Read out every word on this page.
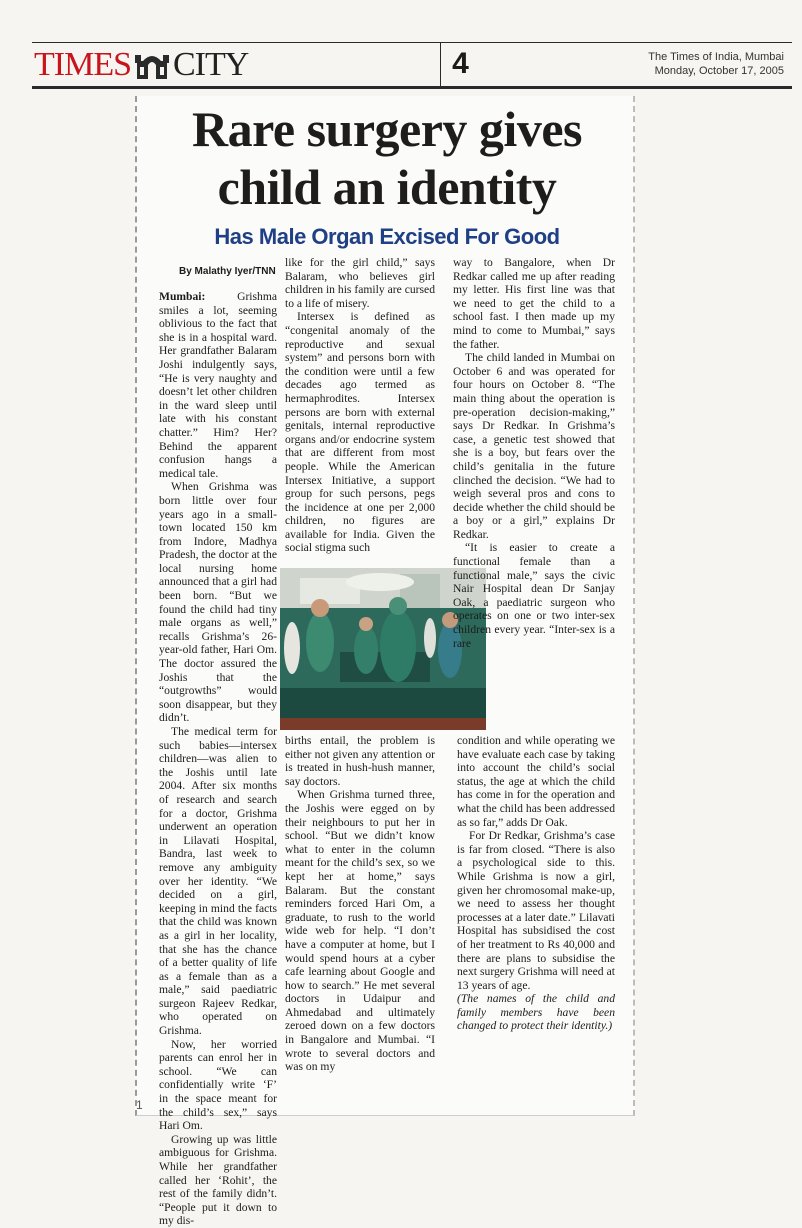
TIMES CITY	4	The Times of India, Mumbai
Monday, October 17, 2005
Rare surgery gives
child an identity
Has Male Organ Excised For Good
By Malathy Iyer/TNN

Mumbai: Grishma smiles a lot, seeming oblivious to the fact that she is in a hospital ward. Her grandfather Balaram Joshi indulgently says, “He is very naughty and doesn’t let other children in the ward sleep until late with his constant chatter.” Him? Her? Behind the apparent confusion hangs a medical tale.

When Grishma was born little over four years ago in a small-town located 150 km from Indore, Madhya Pradesh, the doctor at the local nursing home announced that a girl had been born. “But we found the child had tiny male organs as well,” recalls Grishma’s 26-year-old father, Hari Om. The doctor assured the Joshis that the “outgrowths” would soon disappear, but they didn’t.

The medical term for such babies—intersex children—was alien to the Joshis until late 2004. After six months of research and search for a doctor, Grishma underwent an operation in Lilavati Hospital, Bandra, last week to remove any ambiguity over her identity. “We decided on a girl, keeping in mind the facts that the child was known as a girl in her locality, that she has the chance of a better quality of life as a female than as a male,” said paediatric surgeon Rajeev Redkar, who operated on Grishma.

Now, her worried parents can enrol her in school. “We can confidentially write ‘F’ in the space meant for the child’s sex,” says Hari Om.

Growing up was little ambiguous for Grishma. While her grandfather called her ‘Rohit’, the rest of the family didn’t. “People put it down to my dis-

like for the girl child,” says Balaram, who believes girl children in his family are cursed to a life of misery.

Intersex is defined as “congenital anomaly of the reproductive and sexual system” and persons born with the condition were until a few decades ago termed as hermaphrodites. Intersex persons are born with external genitals, internal reproductive organs and/or endocrine system that are different from most people. While the American Intersex Initiative, a support group for such persons, pegs the incidence at one per 2,000 children, no figures are available for India. Given the social stigma such

births entail, the problem is either not given any attention or is treated in hush-hush manner, say doctors.

When Grishma turned three, the Joshis were egged on by their neighbours to put her in school. “But we didn’t know what to enter in the column meant for the child’s sex, so we kept her at home,” says Balaram. But the constant reminders forced Hari Om, a graduate, to rush to the world wide web for help. “I don’t have a computer at home, but I would spend hours at a cyber cafe learning about Google and how to search.” He met several doctors in Udaipur and Ahmedabad and ultimately zeroed down on a few doctors in Bangalore and Mumbai. “I wrote to several doctors and was on my

way to Bangalore, when Dr Redkar called me up after reading my letter. His first line was that we need to get the child to a school fast. I then made up my mind to come to Mumbai,” says the father.

The child landed in Mumbai on October 6 and was operated for four hours on October 8. “The main thing about the operation is pre-operation decision-making,” says Dr Redkar. In Grishma’s case, a genetic test showed that she is a boy, but fears over the child’s genitalia in the future clinched the decision. “We had to weigh several pros and cons to decide whether the child should be a boy or a girl,” explains Dr Redkar.

“It is easier to create a functional female than a functional male,” says the civic Nair Hospital dean Dr Sanjay Oak, a paediatric surgeon who operates on one or two inter-sex children every year. “Inter-sex is a rare

condition and while operating we have evaluate each case by taking into account the child’s social status, the age at which the child has come in for the operation and what the child has been addressed as so far,” adds Dr Oak.

For Dr Redkar, Grishma’s case is far from closed. “There is also a psychological side to this. While Grishma is now a girl, given her chromosomal make-up, we need to assess her thought processes at a later date.” Lilavati Hospital has subsidised the cost of her treatment to Rs 40,000 and there are plans to subsidise the next surgery Grishma will need at 13 years of age.

(The names of the child and family members have been changed to protect their identity.)

1
